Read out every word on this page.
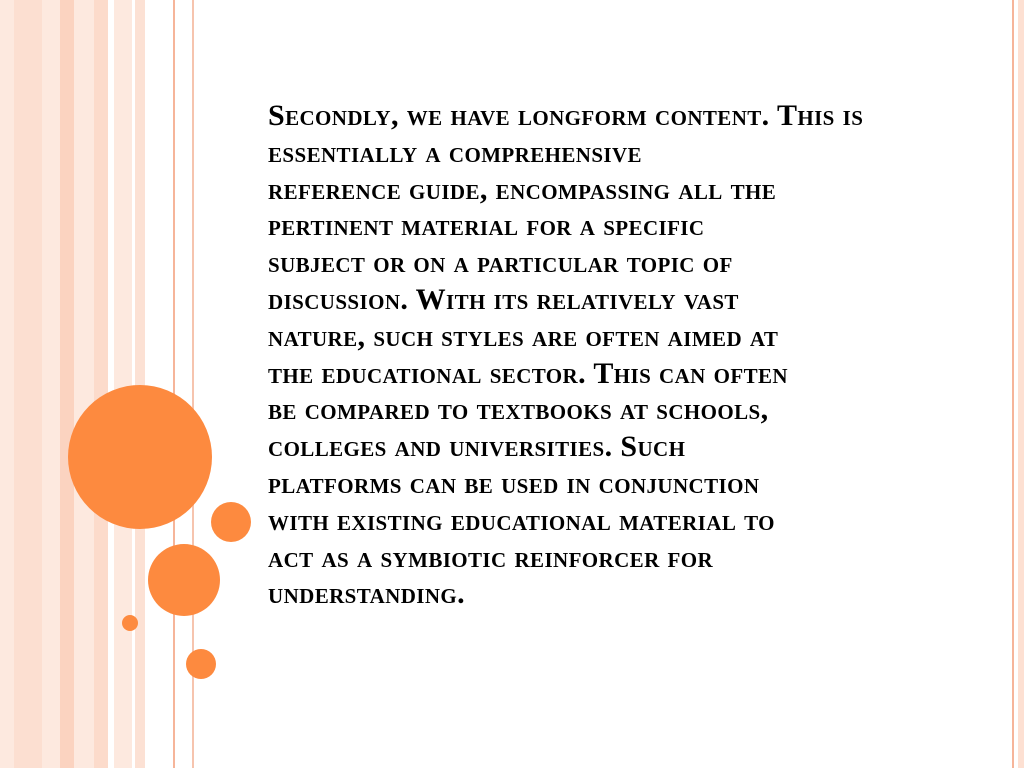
Secondly, we have longform content. This is essentially a comprehensive
reference guide, encompassing all the
pertinent material for a specific
subject or on a particular topic of
discussion. With its relatively vast
nature, such styles are often aimed at
the educational sector. This can often
be compared to textbooks at schools,
colleges and universities. Such
platforms can be used in conjunction
with existing educational material to
act as a symbiotic reinforcer for
understanding.
